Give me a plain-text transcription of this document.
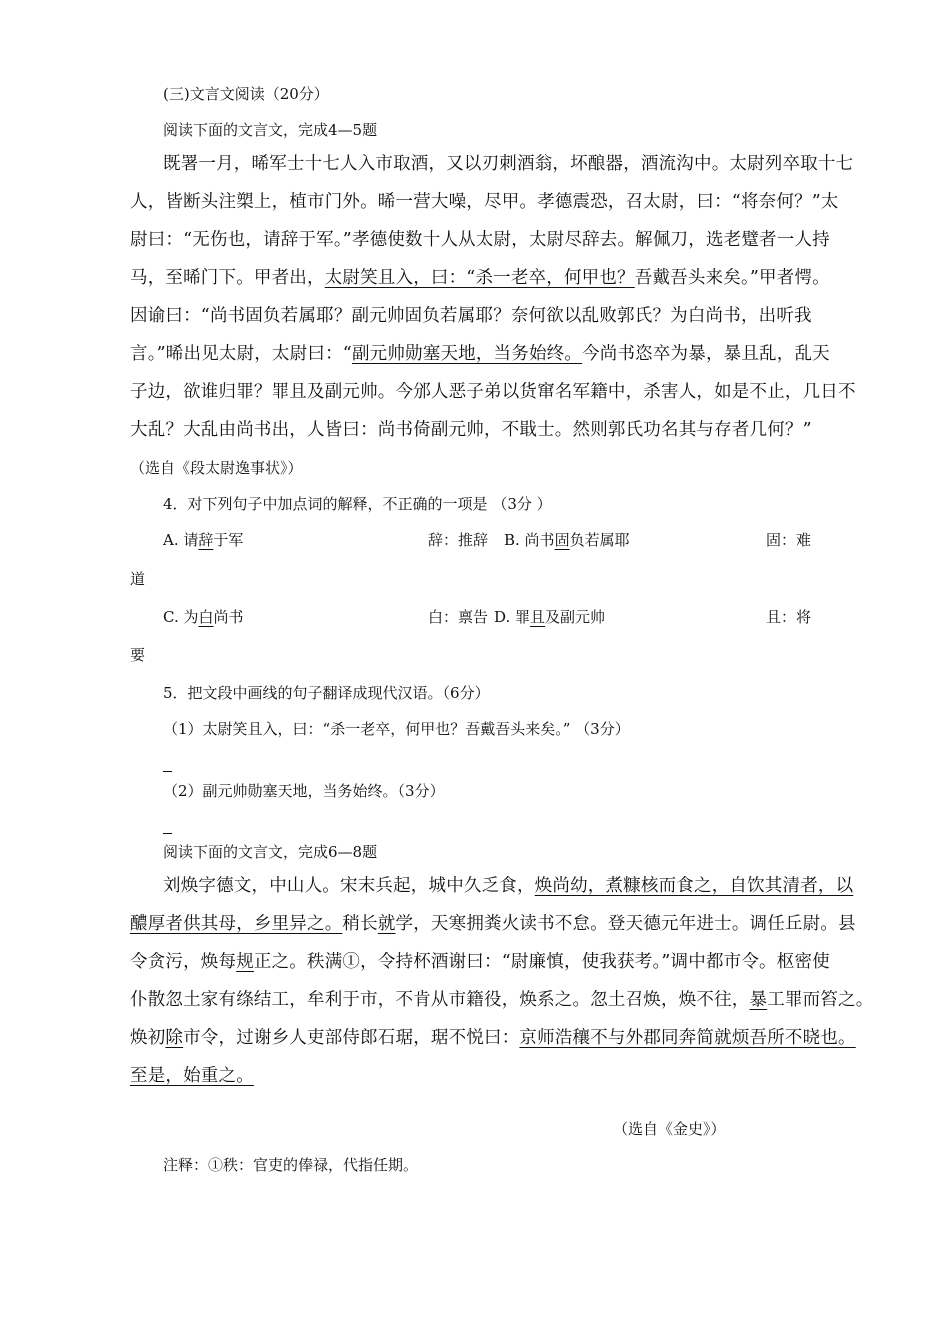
(三)文言文阅读（20分）
阅读下面的文言文，完成4—5题
既署一月，晞军士十七人入市取酒，又以刃刺酒翁，坏酿器，酒流沟中。太尉列卒取十七
人，皆断头注槊上，植市门外。晞一营大噪，尽甲。孝德震恐，召太尉，曰：“将奈何？”太
尉曰：“无伤也，请辞于军。”孝德使数十人从太尉，太尉尽辞去。解佩刀，选老躄者一人持
马，至晞门下。甲者出，太尉笑且入，曰：“杀一老卒，何甲也？吾戴吾头来矣。”甲者愕。
因谕曰：“尚书固负若属耶？副元帅固负若属耶？奈何欲以乱败郭氏？为白尚书，出听我
言。”晞出见太尉，太尉曰：“副元帅勋塞天地，当务始终。今尚书恣卒为暴，暴且乱，乱天
子边，欲谁归罪？罪且及副元帅。今邠人恶子弟以货窜名军籍中，杀害人，如是不止，几日不
大乱？大乱由尚书出，人皆曰：尚书倚副元帅，不戢士。然则郭氏功名其与存者几何？”
（选自《段太尉逸事状》）
4．对下列句子中加点词的解释，不正确的一项是 （3分 ）
A. 请辞于军	辞：推辞 B. 尚书固负若属耶	固：难
道
C. 为白尚书	白：禀告 D. 罪且及副元帅	且：将
要
5．把文段中画线的句子翻译成现代汉语。（6分）
（1）太尉笑且入，曰：“杀一老卒，何甲也？吾戴吾头来矣。” （3分）
（2）副元帅勋塞天地，当务始终。（3分）
阅读下面的文言文，完成6—8题
刘焕字德文，中山人。宋末兵起，城中久乏食，焕尚幼，煮糠核而食之，自饮其清者，以
醲厚者供其母，乡里异之。稍长就学，天寒拥粪火读书不怠。登天德元年进士。调任丘尉。县
令贪污，焕每规正之。秩满①，令持杯酒谢曰：“尉廉慎，使我获考。”调中都市令。枢密使
仆散忽土家有绦结工，牟利于市，不肯从市籍役，焕系之。忽土召焕，焕不往，暴工罪而笞之。
焕初除市令，过谢乡人吏部侍郎石琚，琚不悦曰：京师浩穰不与外郡同奔简就烦吾所不晓也。
至是，始重之。
（选自《金史》）
注释：①秩：官吏的俸禄，代指任期。
